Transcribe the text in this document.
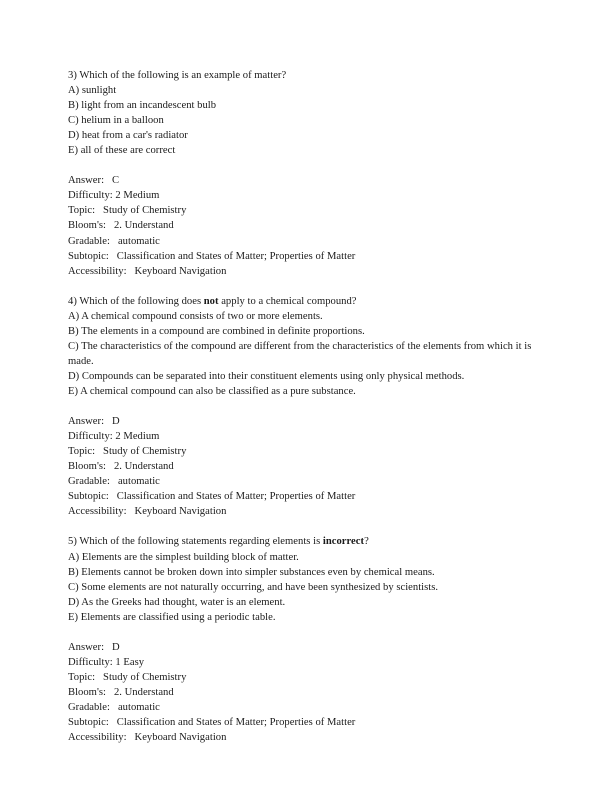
3) Which of the following is an example of matter?

A) sunlight

B) light from an incandescent bulb

C) helium in a balloon

D) heat from a car's radiator

E) all of these are correct

Answer:   C

Difficulty: 2 Medium

Topic:   Study of Chemistry

Bloom's:   2. Understand

Gradable:   automatic

Subtopic:   Classification and States of Matter; Properties of Matter

Accessibility:   Keyboard Navigation

4) Which of the following does not apply to a chemical compound?

A) A chemical compound consists of two or more elements.

B) The elements in a compound are combined in definite proportions.

C) The characteristics of the compound are different from the characteristics of the elements from which it is made.

D) Compounds can be separated into their constituent elements using only physical methods.

E) A chemical compound can also be classified as a pure substance.

Answer:   D

Difficulty: 2 Medium

Topic:   Study of Chemistry

Bloom's:   2. Understand

Gradable:   automatic

Subtopic:   Classification and States of Matter; Properties of Matter

Accessibility:   Keyboard Navigation

5) Which of the following statements regarding elements is incorrect?

A) Elements are the simplest building block of matter.

B) Elements cannot be broken down into simpler substances even by chemical means.

C) Some elements are not naturally occurring, and have been synthesized by scientists.

D) As the Greeks had thought, water is an element.

E) Elements are classified using a periodic table.

Answer:   D

Difficulty: 1 Easy

Topic:   Study of Chemistry

Bloom's:   2. Understand

Gradable:   automatic

Subtopic:   Classification and States of Matter; Properties of Matter

Accessibility:   Keyboard Navigation
